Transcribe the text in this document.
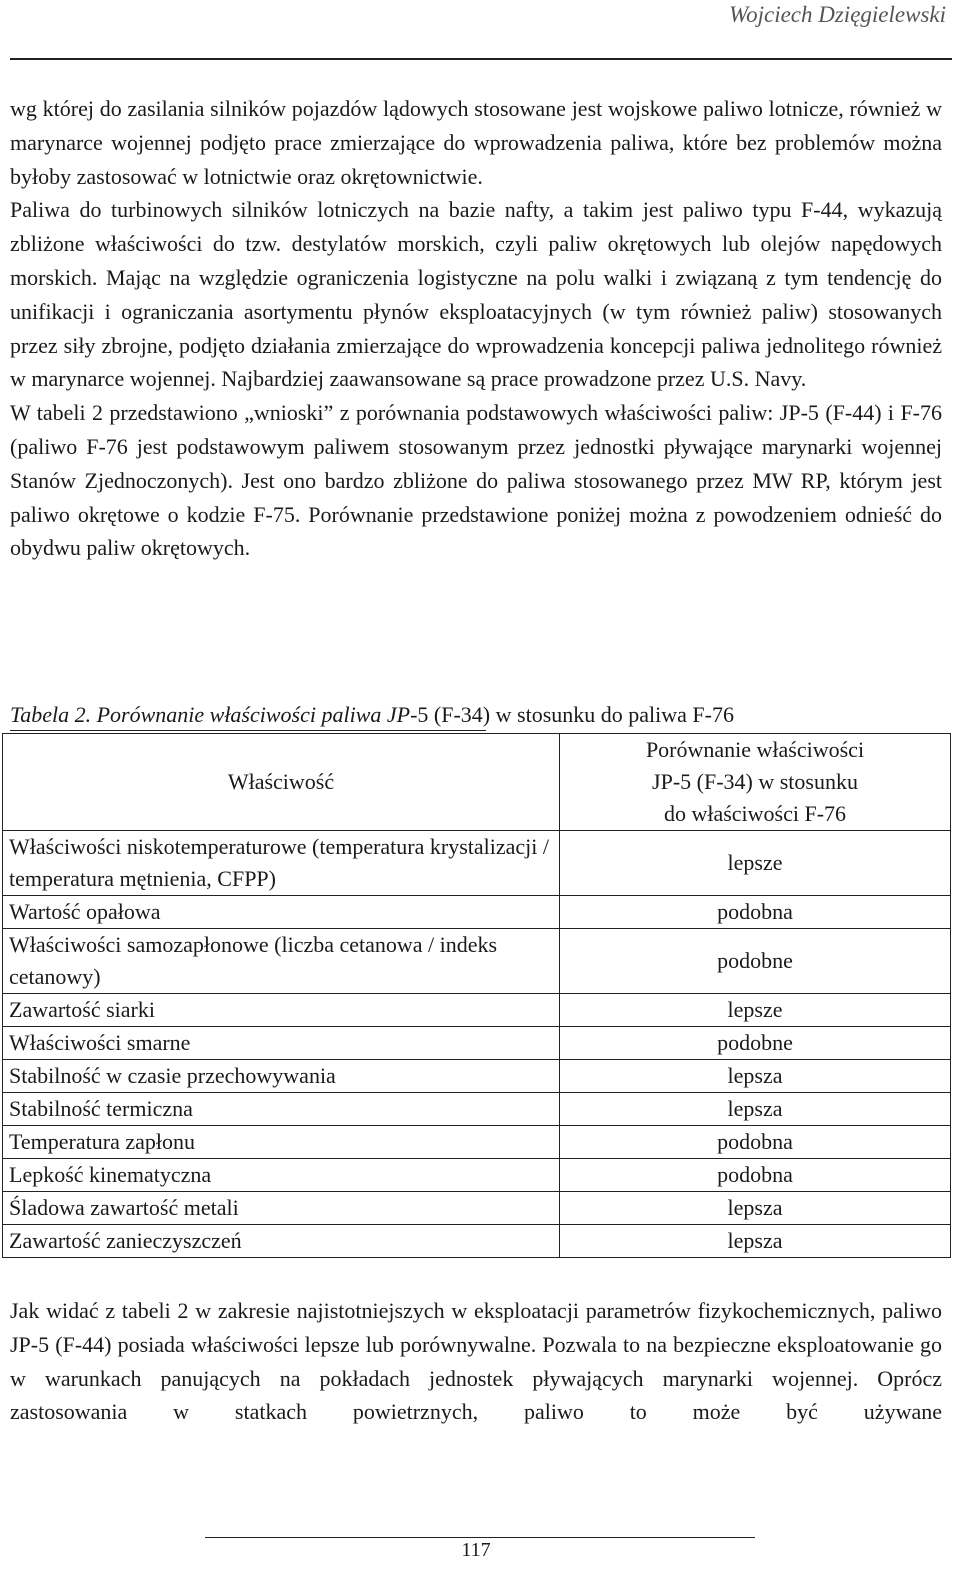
Wojciech Dzięgielewski

wg której do zasilania silników pojazdów lądowych stosowane jest wojskowe paliwo lotnicze, również w marynarce wojennej podjęto prace zmierzające do wprowadzenia paliwa, które bez problemów można byłoby zastosować w lotnictwie oraz okrętownictwie.

Paliwa do turbinowych silników lotniczych na bazie nafty, a takim jest paliwo typu F-44, wykazują zbliżone właściwości do tzw. destylatów morskich, czyli paliw okrętowych lub olejów napędowych morskich. Mając na względzie ograniczenia logistyczne na polu walki i związaną z tym tendencję do unifikacji i ograniczania asortymentu płynów eksploatacyjnych (w tym również paliw) stosowanych przez siły zbrojne, podjęto działania zmierzające do wprowadzenia koncepcji paliwa jednolitego również w marynarce wojennej. Najbardziej zaawansowane są prace prowadzone przez U.S. Navy.

W tabeli 2 przedstawiono „wnioski” z porównania podstawowych właściwości paliw: JP-5 (F-44) i F-76 (paliwo F-76 jest podstawowym paliwem stosowanym przez jednostki pływające marynarki wojennej Stanów Zjednoczonych). Jest ono bardzo zbliżone do paliwa stosowanego przez MW RP, którym jest paliwo okrętowe o kodzie F-75. Porównanie przedstawione poniżej można z powodzeniem odnieść do obydwu paliw okrętowych.

Tabela 2. Porównanie właściwości paliwa JP-5 (F-34) w stosunku do paliwa F-76
Właściwość	Porównanie właściwości
JP-5 (F-34) w stosunku
do właściwości F-76

Właściwości niskotemperaturowe (temperatura krystalizacji / temperatura mętnienia, CFPP)	lepsze
Wartość opałowa	podobna
Właściwości samozapłonowe (liczba cetanowa / indeks cetanowy)	podobne
Zawartość siarki	lepsze
Właściwości smarne	podobne
Stabilność w czasie przechowywania	lepsza
Stabilność termiczna	lepsza
Temperatura zapłonu	podobna
Lepkość kinematyczna	podobna
Śladowa zawartość metali	lepsza
Zawartość zanieczyszczeń	lepsza

Jak widać z tabeli 2 w zakresie najistotniejszych w eksploatacji parametrów fizykochemicznych, paliwo JP-5 (F-44) posiada właściwości lepsze lub porównywalne. Pozwala to na bezpieczne eksploatowanie go w warunkach panujących na pokładach jednostek pływających marynarki wojennej. Oprócz zastosowania w statkach powietrznych, paliwo to może być używane

117
